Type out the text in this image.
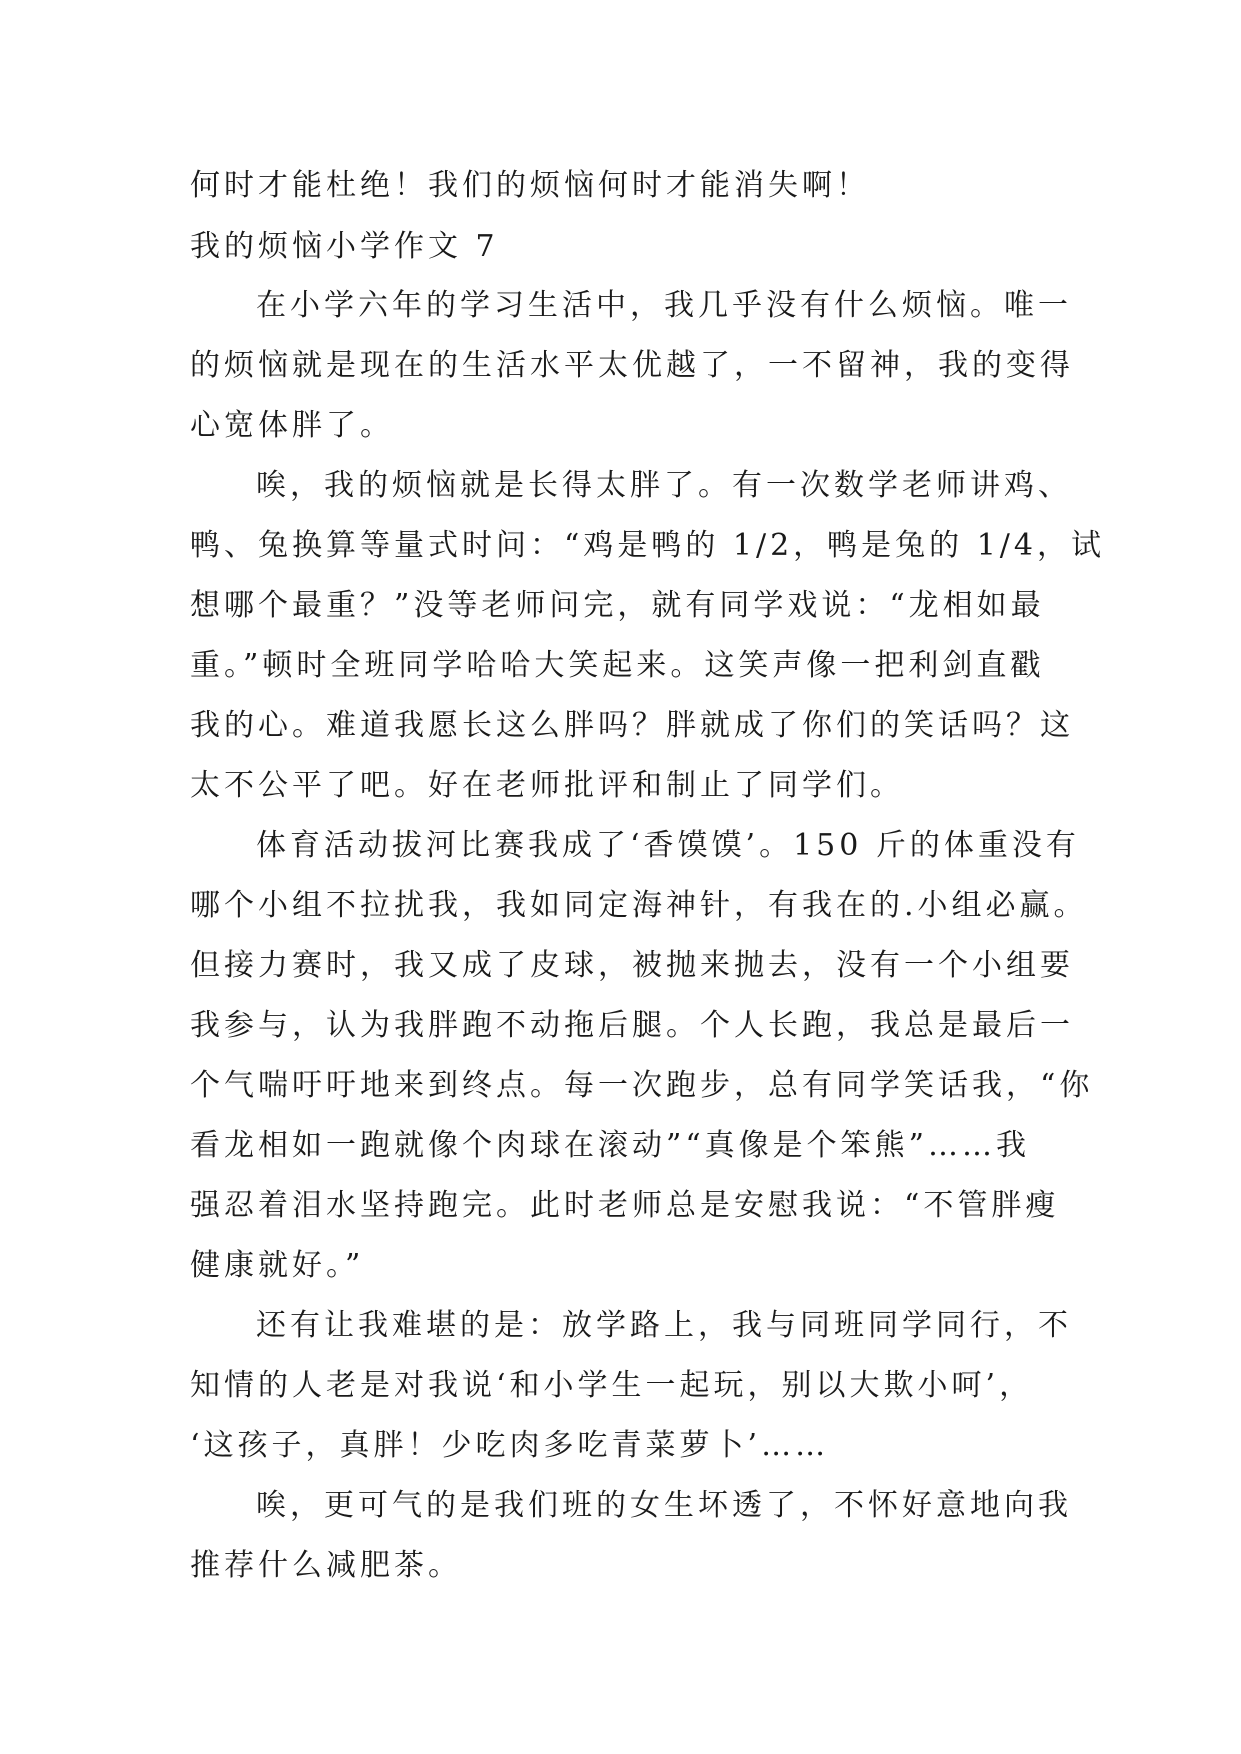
何时才能杜绝！我们的烦恼何时才能消失啊！

我的烦恼小学作文 7

在小学六年的学习生活中，我几乎没有什么烦恼。唯一

的烦恼就是现在的生活水平太优越了，一不留神，我的变得

心宽体胖了。

唉，我的烦恼就是长得太胖了。有一次数学老师讲鸡、

鸭、兔换算等量式时问：“鸡是鸭的 1/2，鸭是兔的 1/4，试

想哪个最重？”没等老师问完，就有同学戏说：“龙相如最

重。”顿时全班同学哈哈大笑起来。这笑声像一把利剑直戳

我的心。难道我愿长这么胖吗？胖就成了你们的笑话吗？这

太不公平了吧。好在老师批评和制止了同学们。

体育活动拔河比赛我成了‘香馍馍’。150 斤的体重没有

哪个小组不拉扰我，我如同定海神针，有我在的.小组必赢。

但接力赛时，我又成了皮球，被抛来抛去，没有一个小组要

我参与，认为我胖跑不动拖后腿。个人长跑，我总是最后一

个气喘吁吁地来到终点。每一次跑步，总有同学笑话我，“你

看龙相如一跑就像个肉球在滚动”“真像是个笨熊”……我

强忍着泪水坚持跑完。此时老师总是安慰我说：“不管胖瘦

健康就好。”

还有让我难堪的是：放学路上，我与同班同学同行，不

知情的人老是对我说‘和小学生一起玩，别以大欺小呵’，

‘这孩子，真胖！少吃肉多吃青菜萝卜’……

唉，更可气的是我们班的女生坏透了，不怀好意地向我

推荐什么减肥茶。
